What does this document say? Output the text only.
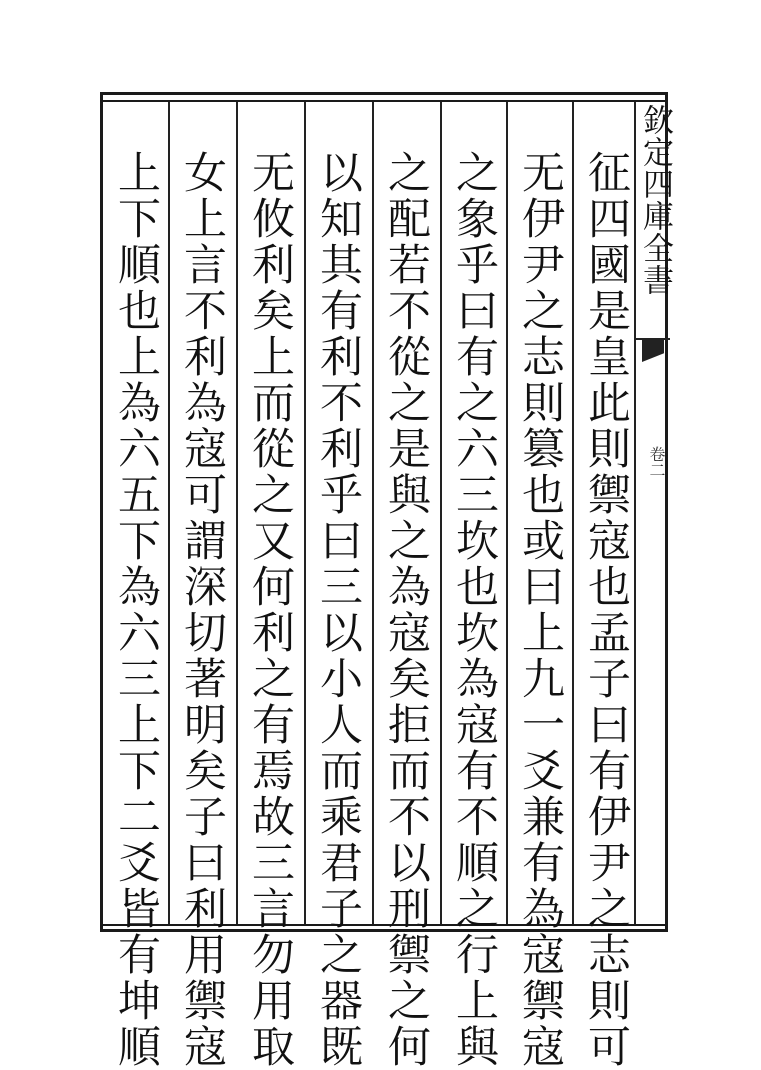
欽定四庫全書
卷二
征四國是皇此則禦寇也孟子曰有伊尹之志則可
无伊尹之志則篡也或曰上九一爻兼有為寇禦寇
之象乎曰有之六三坎也坎為寇有不順之行上與
之配若不從之是與之為寇矣拒而不以刑禦之何
以知其有利不利乎曰三以小人而乘君子之器既
无攸利矣上而從之又何利之有焉故三言勿用取
女上言不利為寇可謂深切著明矣子曰利用禦寇
上下順也上為六五下為六三上下二爻皆有坤順
